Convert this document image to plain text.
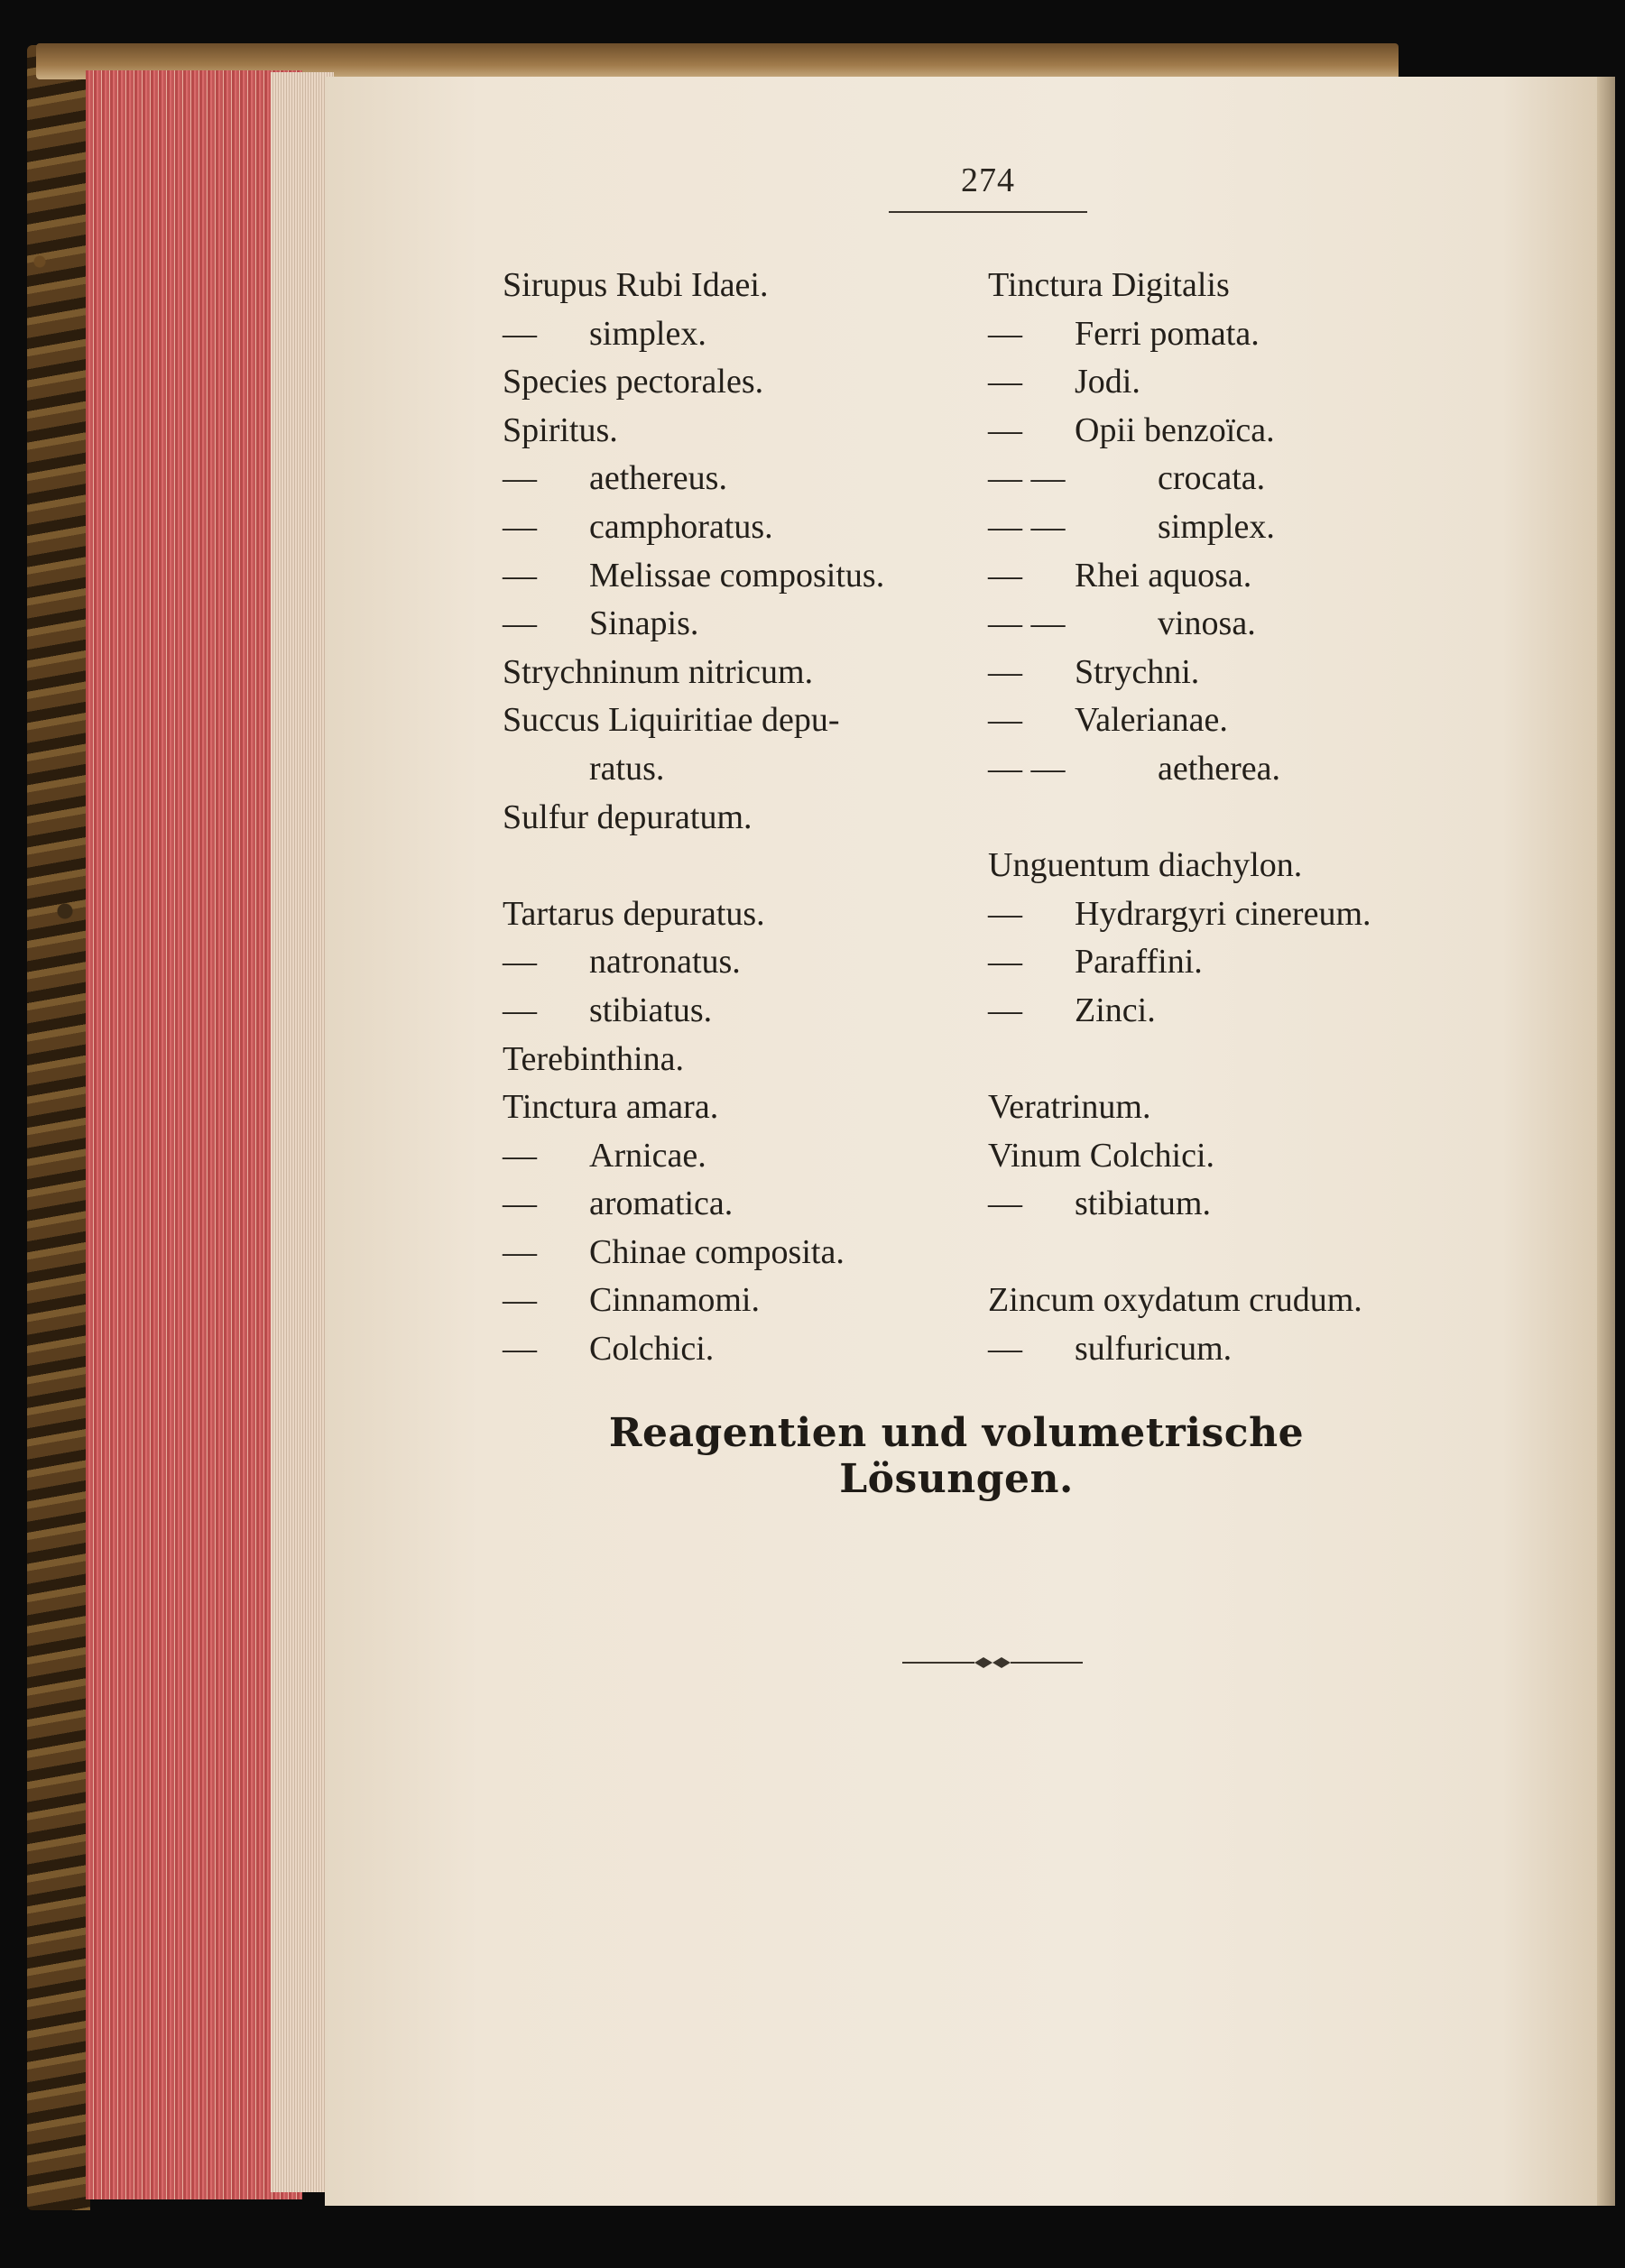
274
Sirupus Rubi Idaei.
— simplex.
Species pectorales.
Spiritus.
— aethereus.
— camphoratus.
— Melissae compositus.
— Sinapis.
Strychninum nitricum.
Succus Liquiritiae depu-
ratus.
Sulfur depuratum.
Tartarus depuratus.
— natronatus.
— stibiatus.
Terebinthina.
Tinctura amara.
— Arnicae.
— aromatica.
— Chinae composita.
— Cinnamomi.
— Colchici.
Tinctura Digitalis
— Ferri pomata.
— Jodi.
— Opii benzoïca.
— —	crocata.
— —	simplex.
— Rhei aquosa.
— —	vinosa.
— Strychni.
— Valerianae.
— —	aetherea.
Unguentum diachylon.
— Hydrargyri cinereum.
— Paraffini.
— Zinci.
Veratrinum.
Vinum Colchici.
— stibiatum.
Zincum oxydatum crudum.
— sulfuricum.
Reagentien und volumetrische Lösungen.
